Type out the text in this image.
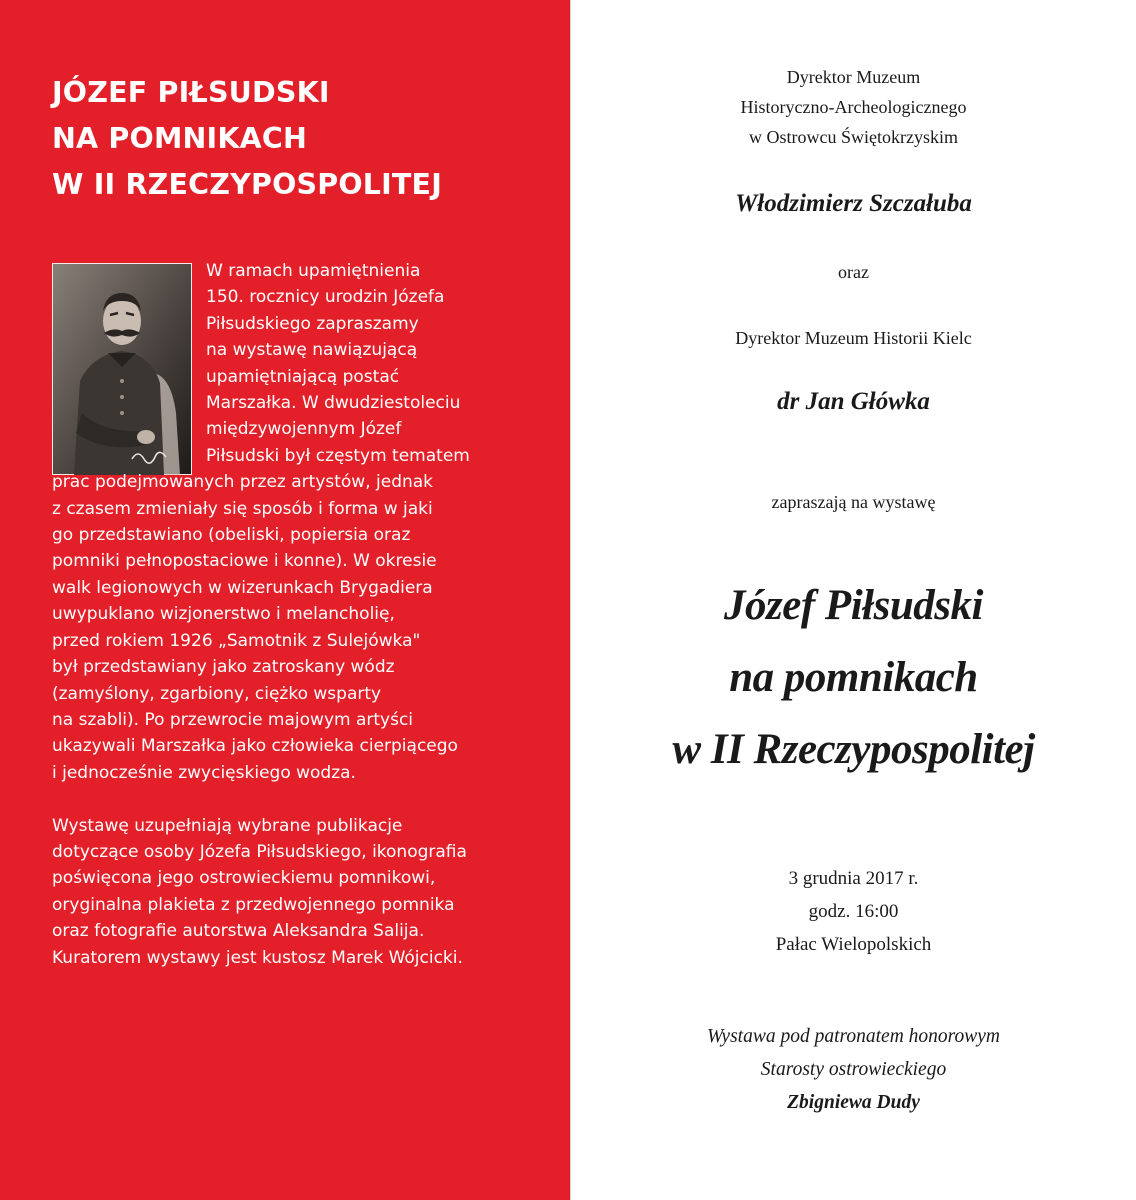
JÓZEF PIŁSUDSKI
NA POMNIKACH
W II RZECZYPOSPOLITEJ
W ramach upamiętnienia
150. rocznicy urodzin Józefa
Piłsudskiego zapraszamy
na wystawę nawiązującą
upamiętniającą postać
Marszałka. W dwudziestoleciu
międzywojennym Józef
Piłsudski był częstym tematem
prac podejmowanych przez artystów, jednak
z czasem zmieniały się sposób i forma w jaki
go przedstawiano (obeliski, popiersia oraz
pomniki pełnopostaciowe i konne). W okresie
walk legionowych w wizerunkach Brygadiera
uwypuklano wizjonerstwo i melancholię,
przed rokiem 1926 „Samotnik z Sulejówka"
był przedstawiany jako zatroskany wódz
(zamyślony, zgarbiony, ciężko wsparty
na szabli). Po przewrocie majowym artyści
ukazywali Marszałka jako człowieka cierpiącego
i jednocześnie zwycięskiego wodza.
Wystawę uzupełniają wybrane publikacje
dotyczące osoby Józefa Piłsudskiego, ikonografia
poświęcona jego ostrowieckiemu pomnikowi,
oryginalna plakieta z przedwojennego pomnika
oraz fotografie autorstwa Aleksandra Salija.
Kuratorem wystawy jest kustosz Marek Wójcicki.
Dyrektor Muzeum
Historyczno-Archeologicznego
w Ostrowcu Świętokrzyskim
Włodzimierz Szczałuba
oraz
Dyrektor Muzeum Historii Kielc
dr Jan Główka
zapraszają na wystawę
Józef Piłsudski
na pomnikach
w II Rzeczypospolitej
3 grudnia 2017 r.
godz. 16:00
Pałac Wielopolskich
Wystawa pod patronatem honorowym
Starosty ostrowieckiego
Zbigniewa Dudy
